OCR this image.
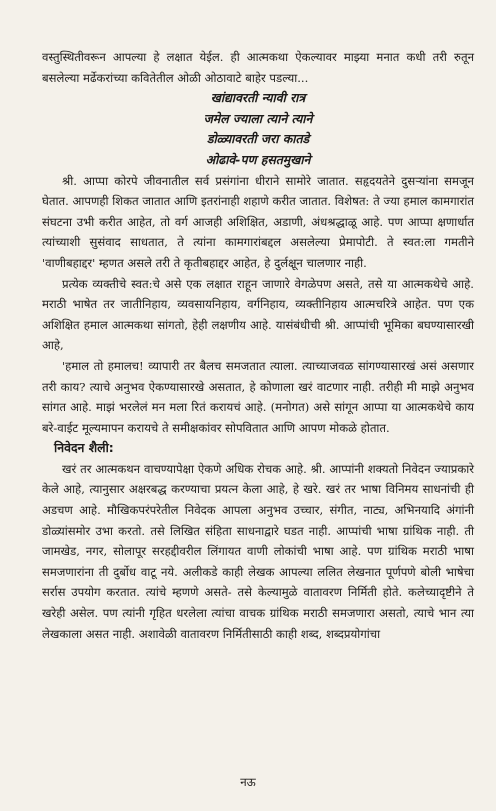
वस्तुस्थितीवरून आपल्या हे लक्षात येईल. ही आत्मकथा ऐकल्यावर माझ्या मनात कधी तरी रुतून बसलेल्या मर्ढेकरांच्या कवितेतील ओळी ओठावाटे बाहेर पडल्या...

खांद्यावरती न्यावी रात्र
जमेल ज्याला त्याने त्याने
डोळ्यावरती जरा कातडे
ओढावे-पण हसतमुखाने

श्री. आप्पा कोरपे जीवनातील सर्व प्रसंगांना धीराने सामोरे जातात. सहृदयतेने दुसऱ्यांना समजून घेतात. आपणही शिकत जातात आणि इतरांनाही शहाणे करीत जातात. विशेषत: ते ज्या हमाल कामगारांत संघटना उभी करीत आहेत, तो वर्ग आजही अशिक्षित, अडाणी, अंधश्रद्धाळू आहे. पण आप्पा क्षणार्धात त्यांच्याशी सुसंवाद साधतात, ते त्यांना कामगारांबद्दल असलेल्या प्रेमापोटी. ते स्वत:ला गमतीने 'वाणीबहाद्दर' म्हणत असले तरी ते कृतीबहाद्दर आहेत, हे दुर्लक्षून चालणार नाही.

प्रत्येक व्यक्तीचे स्वत:चे असे एक लक्षात राहून जाणारे वेगळेपण असते, तसे या आत्मकथेचे आहे. मराठी भाषेत तर जातीनिहाय, व्यवसायनिहाय, वर्गनिहाय, व्यक्तीनिहाय आत्मचरित्रे आहेत. पण एक अशिक्षित हमाल आत्मकथा सांगतो, हेही लक्षणीय आहे. यासंबंधीची श्री. आप्पांची भूमिका बघण्यासारखी आहे,

'हमाल तो हमालच! व्यापारी तर बैलच समजतात त्याला. त्याच्याजवळ सांगण्यासारखं असं असणार तरी काय? त्याचे अनुभव ऐकण्यासारखे असतात, हे कोणाला खरं वाटणार नाही. तरीही मी माझे अनुभव सांगत आहे. माझं भरलेलं मन मला रितं करायचं आहे. (मनोगत) असे सांगून आप्पा या आत्मकथेचे काय बरे-वाईट मूल्यमापन करायचे ते समीक्षकांवर सोपवितात आणि आपण मोकळे होतात.

निवेदन शैली:

खरं तर आत्मकथन वाचण्यापेक्षा ऐकणे अधिक रोचक आहे. श्री. आप्पांनी शक्यतो निवेदन ज्याप्रकारे केले आहे, त्यानुसार अक्षरबद्ध करण्याचा प्रयत्न केला आहे, हे खरे. खरं तर भाषा विनिमय साधनांची ही अडचण आहे. मौखिकपरंपरेतील निवेदक आपला अनुभव उच्चार, संगीत, नाट्य, अभिनयादि अंगांनी डोळ्यांसमोर उभा करतो. तसे लिखित संहिता साधनाद्वारे घडत नाही. आप्पांची भाषा ग्रांथिक नाही. ती जामखेड, नगर, सोलापूर सरहद्दीवरील लिंगायत वाणी लोकांची भाषा आहे. पण ग्रांथिक मराठी भाषा समजणारांना ती दुर्बोध वाटू नये. अलीकडे काही लेखक आपल्या ललित लेखनात पूर्णपणे बोली भाषेचा सर्रास उपयोग करतात. त्यांचे म्हणणे असते- तसे केल्यामुळे वातावरण निर्मिती होते. कलेच्यादृष्टीने ते खरेही असेल. पण त्यांनी गृहित धरलेला त्यांचा वाचक ग्रांथिक मराठी समजणारा असतो, त्याचे भान त्या लेखकाला असत नाही. अशावेळी वातावरण निर्मितीसाठी काही शब्द, शब्दप्रयोगांचा

नऊ
